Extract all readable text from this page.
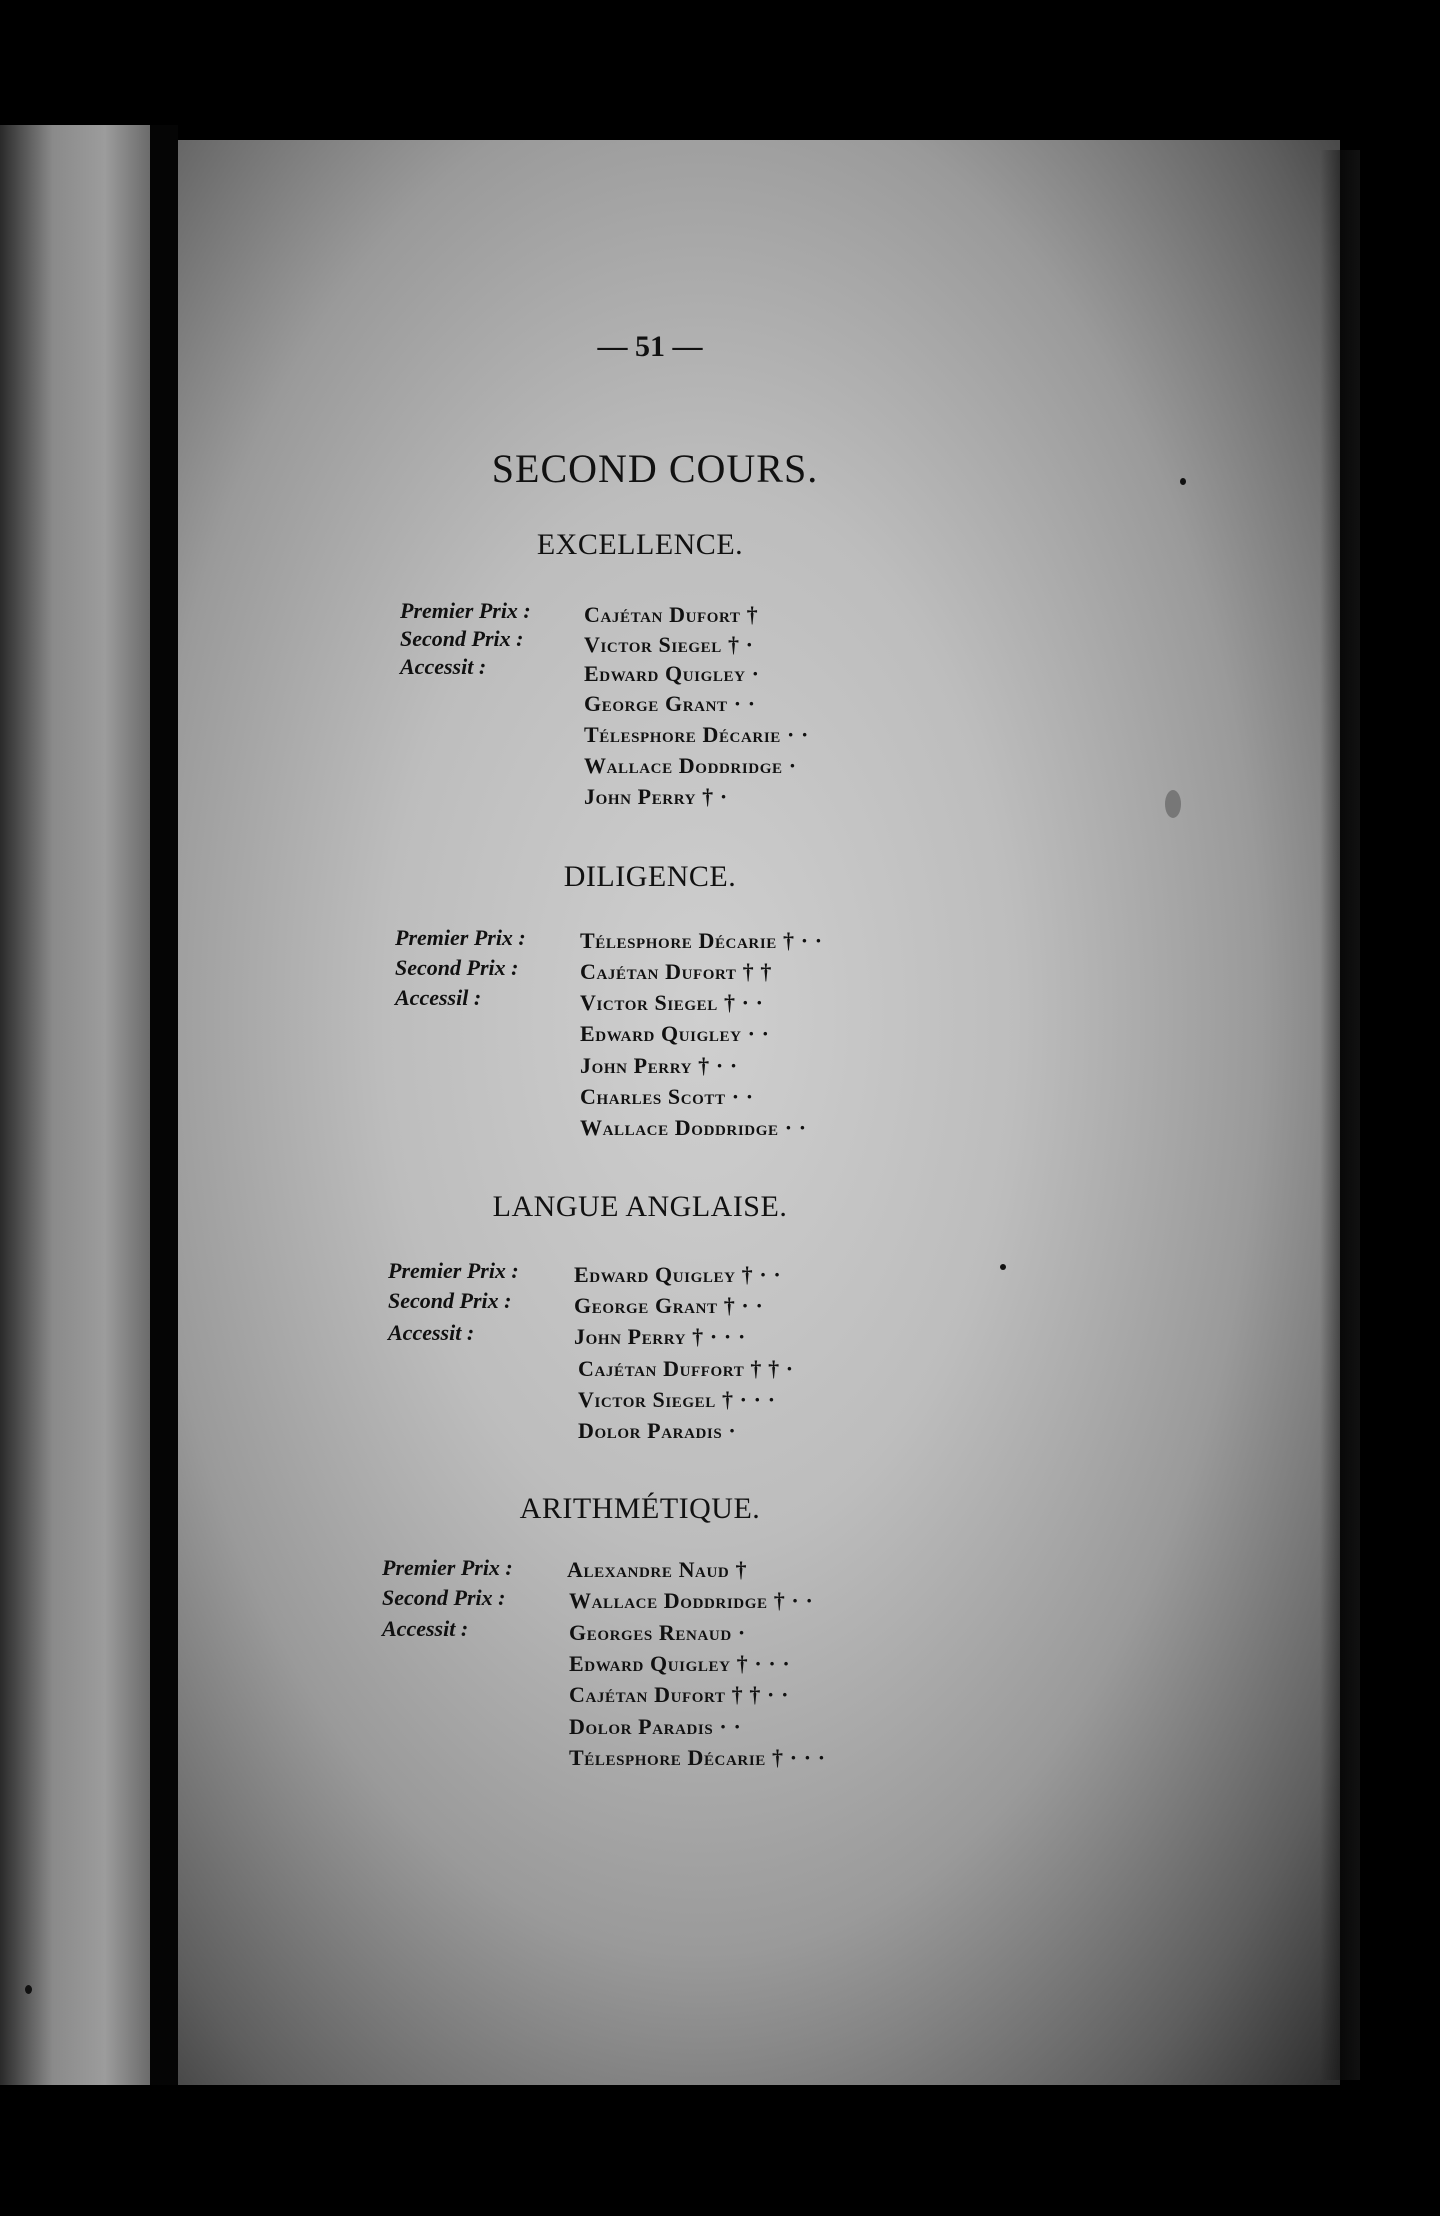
— 51 —
SECOND COURS.
EXCELLENCE.
Premier Prix :
Second Prix :
Accessit :
Cajétan Dufort †
Victor Siegel † ·
Edward Quigley ·
George Grant · ·
Télesphore Décarie · ·
Wallace Doddridge ·
John Perry † ·
DILIGENCE.
Premier Prix :
Second Prix :
Accessil :
Télesphore Décarie † · ·
Cajétan Dufort † †
Victor Siegel † · ·
Edward Quigley · ·
John Perry † · ·
Charles Scott · ·
Wallace Doddridge · ·
LANGUE ANGLAISE.
Premier Prix :
Second Prix :
Accessit :
Edward Quigley † · ·
George Grant † · ·
John Perry † · · ·
Cajétan Duffort † † ·
Victor Siegel † · · ·
Dolor Paradis ·
ARITHMÉTIQUE.
Premier Prix :
Second Prix :
Accessit :
Alexandre Naud †
Wallace Doddridge † · ·
Georges Renaud ·
Edward Quigley † · · ·
Cajétan Dufort † † · ·
Dolor Paradis · ·
Télesphore Décarie † · · ·
